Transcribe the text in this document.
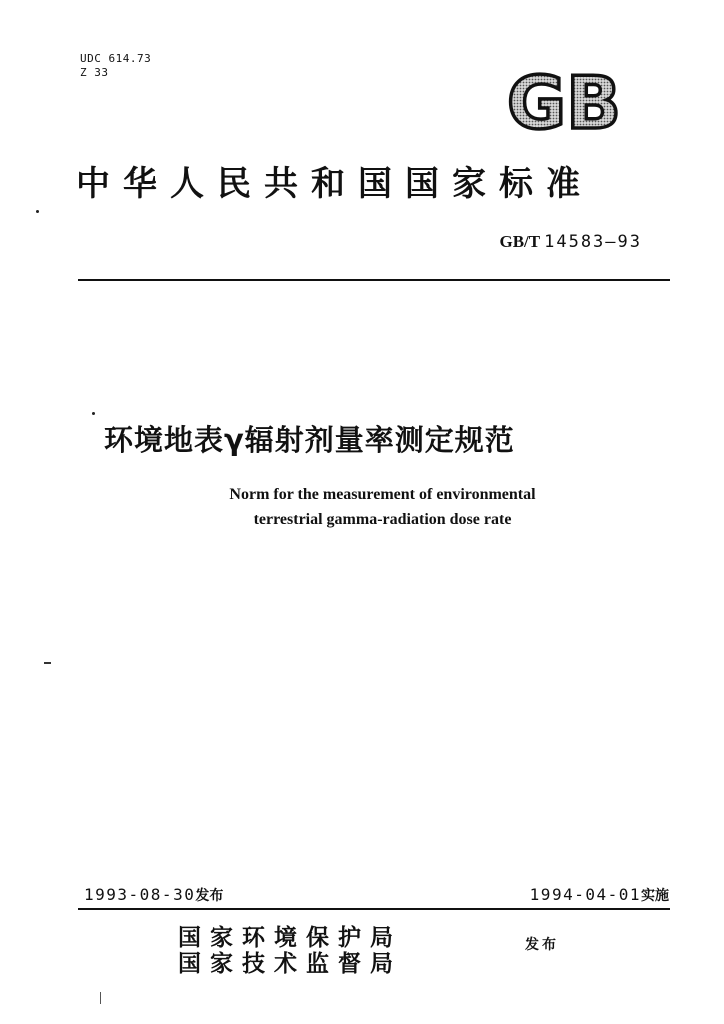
UDC 614.73
Z 33	GB
中华人民共和国国家标准
GB/T 14583—93
环境地表γ辐射剂量率测定规范
Norm for the measurement of environmental
terrestrial gamma-radiation dose rate
1993-08-30发布	1994-04-01实施
国家环境保护局
国家技术监督局
发布
